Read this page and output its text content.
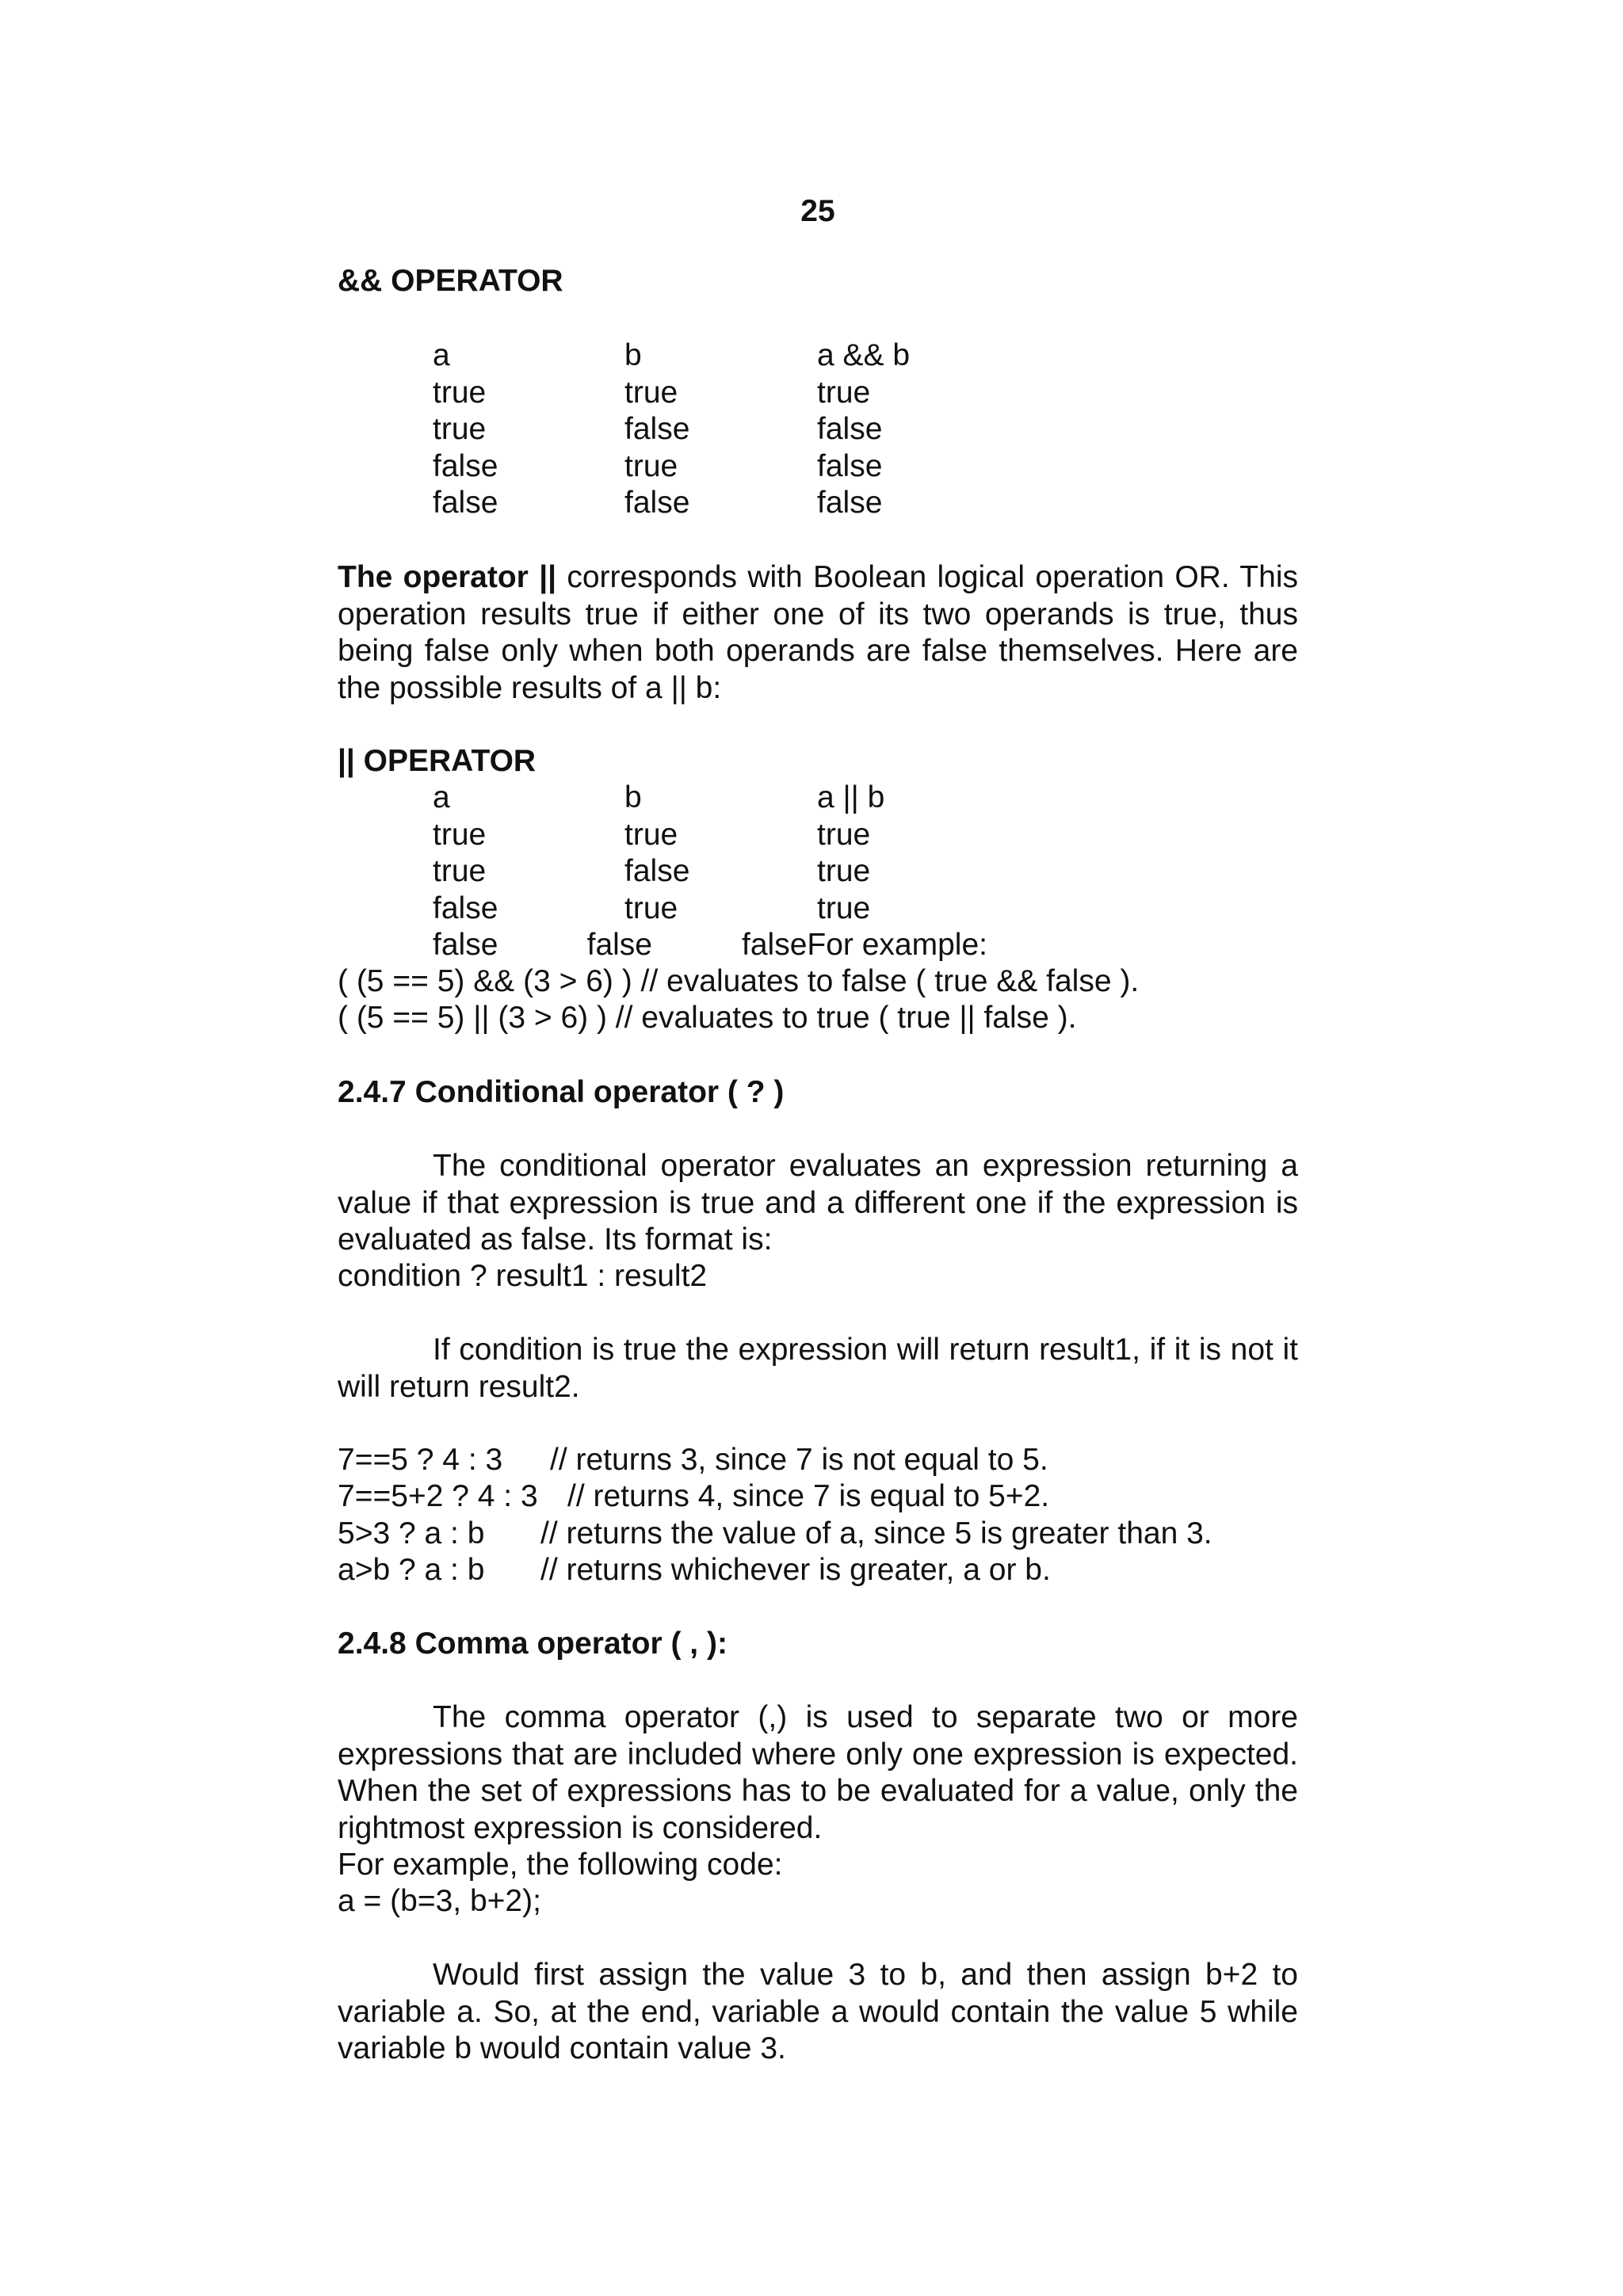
25
&& OPERATOR
a	b	a && b
true	true	true
true	false	false
false	true	false
false	false	false

The operator || corresponds with Boolean logical operation OR. This operation results true if either one of its two operands is true, thus being false only when both operands are false themselves. Here are the possible results of a || b:

|| OPERATOR
a	b	a || b
true	true	true
true	false	true
false	true	true
false	false	falseFor example:
( (5 == 5) && (3 > 6) ) // evaluates to false ( true && false ).
( (5 == 5) || (3 > 6) ) // evaluates to true ( true || false ).
2.4.7 Conditional operator ( ? )

The conditional operator evaluates an expression returning a value if that expression is true and a different one if the expression is evaluated as false. Its format is:

condition ? result1 : result2

If condition is true the expression will return result1, if it is not it will return result2.

7==5 ? 4 : 3 // returns 3, since 7 is not equal to 5.
7==5+2 ? 4 : 3 // returns 4, since 7 is equal to 5+2.
5>3 ? a : b // returns the value of a, since 5 is greater than 3.
a>b ? a : b // returns whichever is greater, a or b.
2.4.8 Comma operator ( , ):

The comma operator (,) is used to separate two or more expressions that are included where only one expression is expected. When the set of expressions has to be evaluated for a value, only the rightmost expression is considered.

For example, the following code:
a = (b=3, b+2);

Would first assign the value 3 to b, and then assign b+2 to variable a. So, at the end, variable a would contain the value 5 while variable b would contain value 3.
